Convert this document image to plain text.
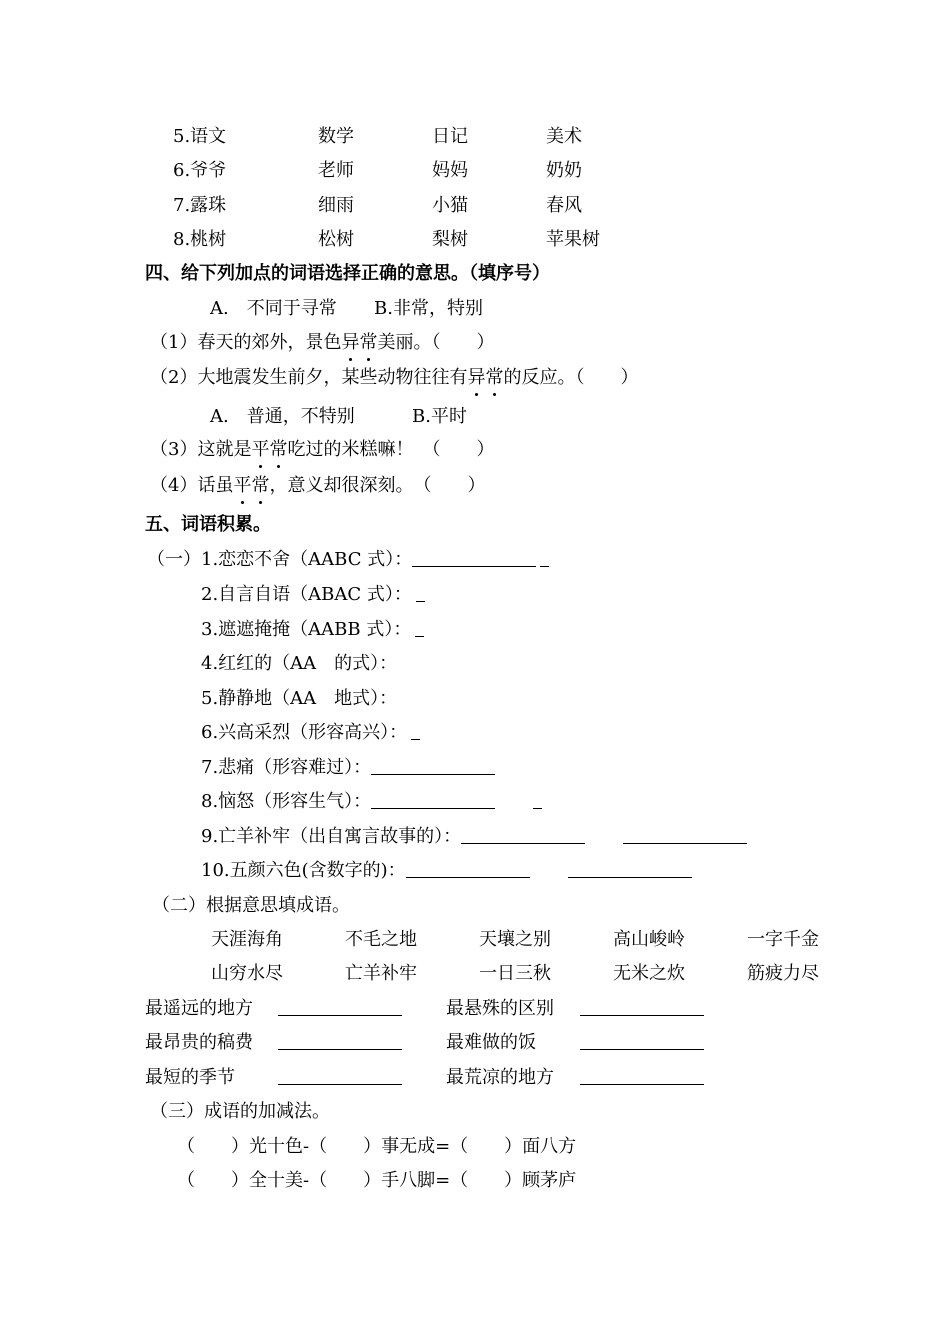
5.语文	数学	日记	美术
6.爷爷	老师	妈妈	奶奶
7.露珠	细雨	小猫	春风
8.桃树	松树	梨树	苹果树
四、给下列加点的词语选择正确的意思。（填序号）
A.　不同于寻常 B.非常，特别
（1）春天的郊外，景色异常美丽。（　　）
（2）大地震发生前夕，某些动物往往有异常的反应。（　　）
A.　普通，不特别	B.平时
（3）这就是平常吃过的米糕嘛！　（　　）
（4）话虽平常，意义却很深刻。　（　　）
五、词语积累。
（一）1.恋恋不舍（AABC 式）：
2.自言自语（ABAC 式）：
3.遮遮掩掩（AABB 式）：
4.红红的（AA　的式）：
5.静静地（AA　地式）：
6.兴高采烈（形容高兴）：
7.悲痛（形容难过）：
8.恼怒（形容生气）：
9.亡羊补牢（出自寓言故事的）：
10.五颜六色(含数字的)：
（二）根据意思填成语。
天涯海角	不毛之地	天壤之别	高山峻岭	一字千金
山穷水尽	亡羊补牢	一日三秋	无米之炊	筋疲力尽
最遥远的地方	最悬殊的区别
最昂贵的稿费	最难做的饭
最短的季节	最荒凉的地方
（三）成语的加减法。
（　　）光十色-（　　）事无成=（　　）面八方
（　　）全十美-（　　）手八脚=（　　）顾茅庐
